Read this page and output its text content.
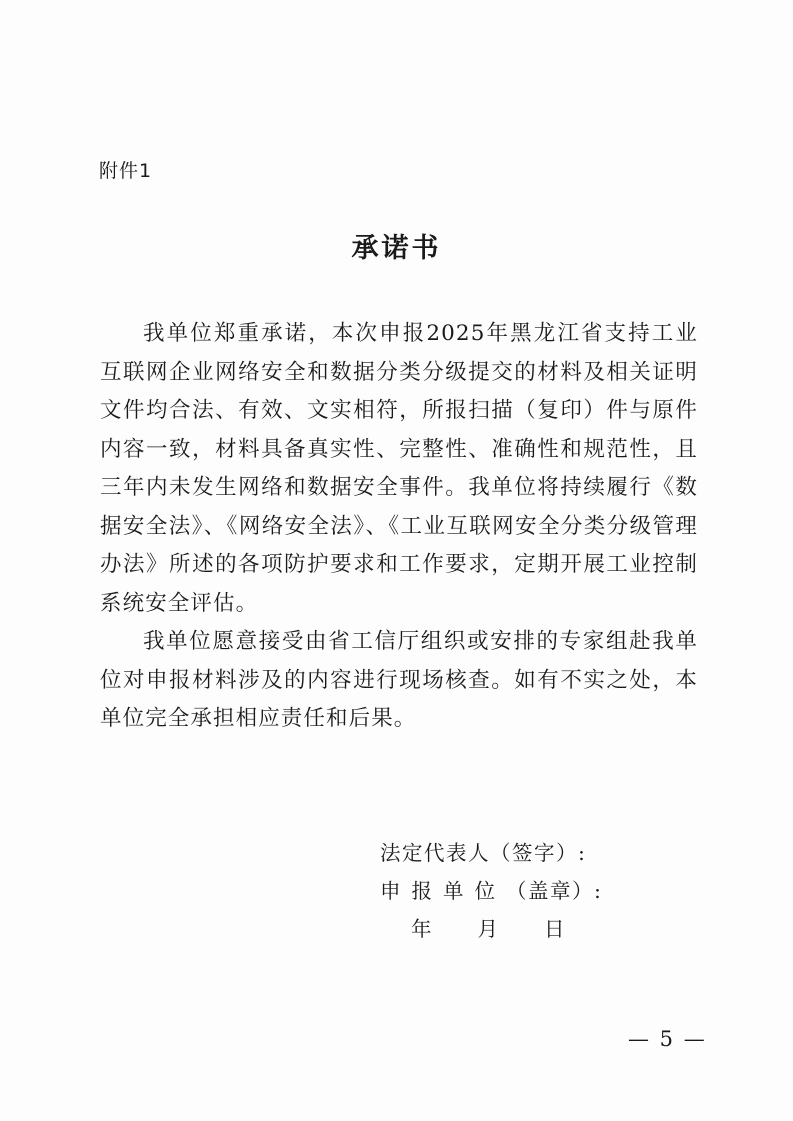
附件1
承诺书

我单位郑重承诺，本次申报2025年黑龙江省支持工业互联网企业网络安全和数据分类分级提交的材料及相关证明文件均合法、有效、文实相符，所报扫描（复印）件与原件内容一致，材料具备真实性、完整性、准确性和规范性，且三年内未发生网络和数据安全事件。我单位将持续履行《数据安全法》、《网络安全法》、《工业互联网安全分类分级管理办法》所述的各项防护要求和工作要求，定期开展工业控制系统安全评估。

我单位愿意接受由省工信厅组织或安排的专家组赴我单位对申报材料涉及的内容进行现场核查。如有不实之处，本单位完全承担相应责任和后果。

法定代表人（签字）:
申报单位（盖章）:
年 月 日
— 5 —
